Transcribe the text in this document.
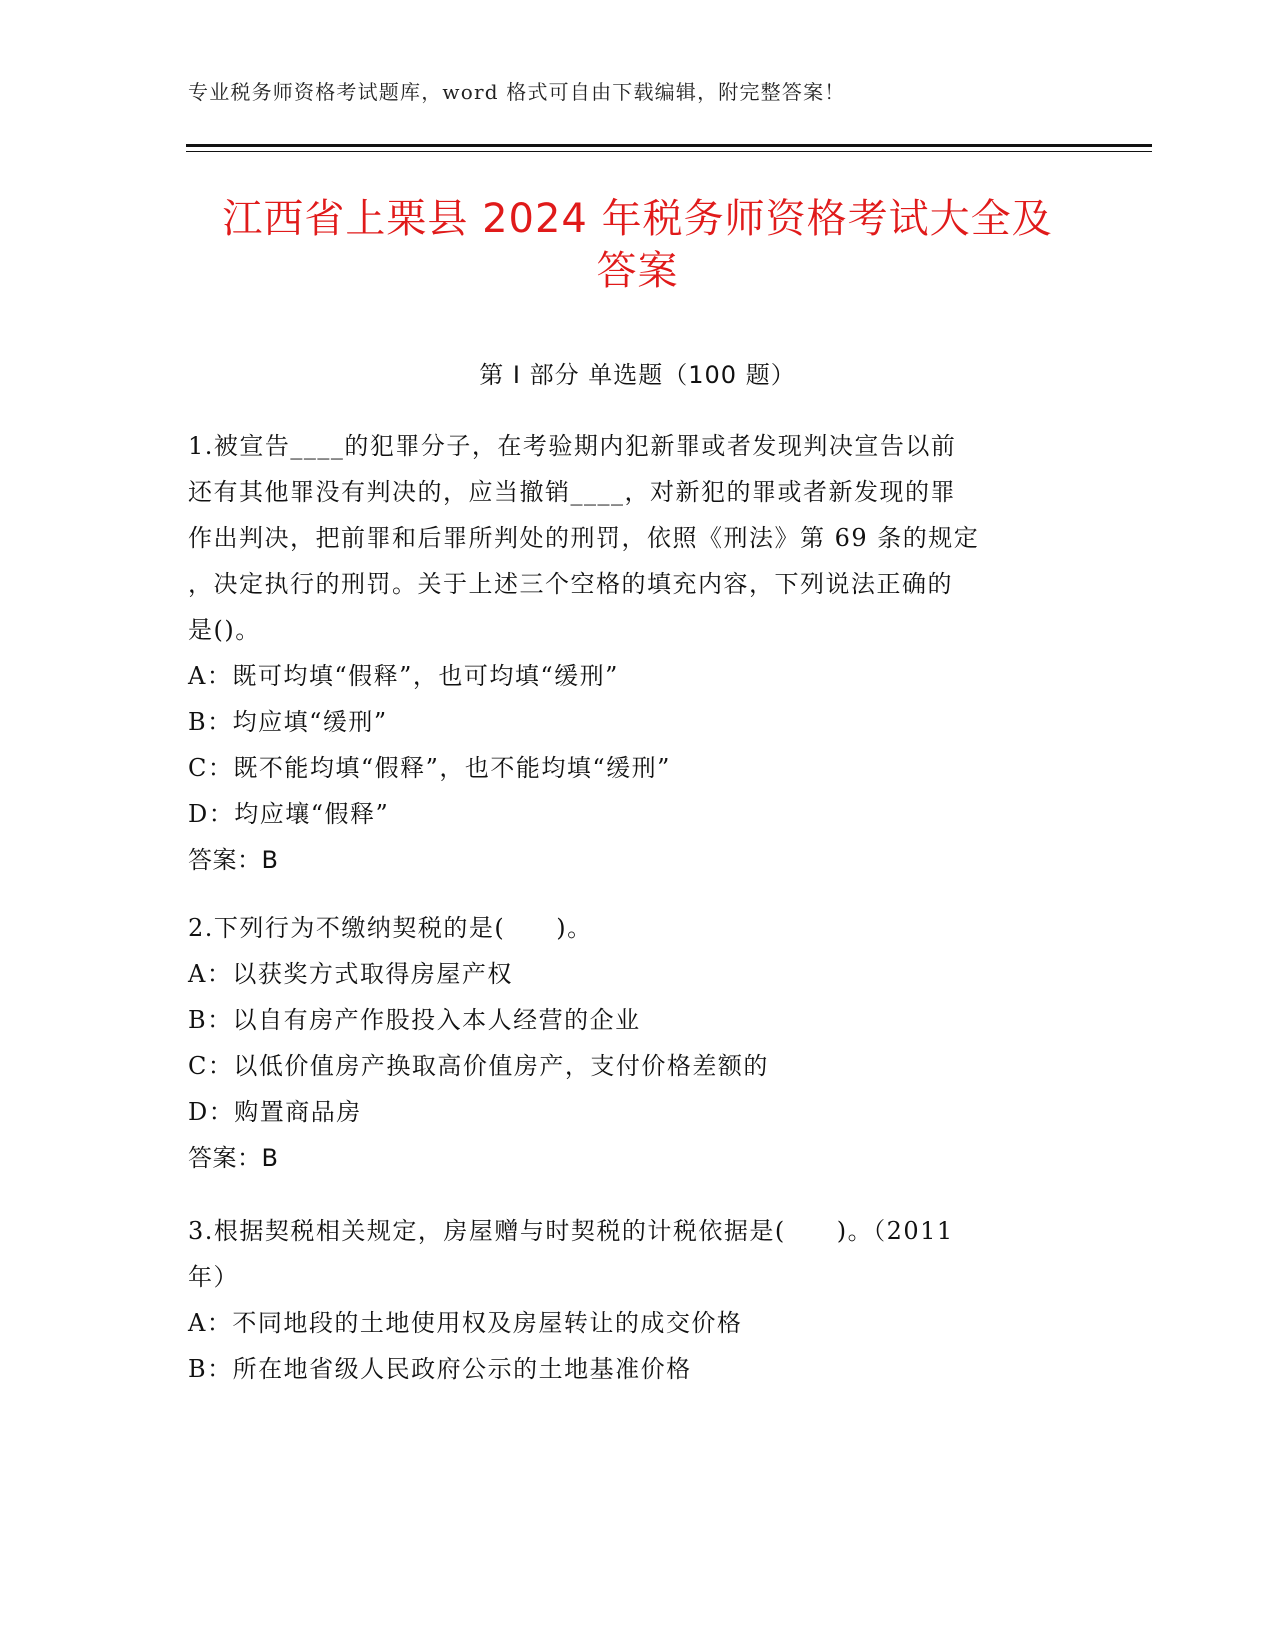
专业税务师资格考试题库，word 格式可自由下载编辑，附完整答案！
江西省上栗县 2024 年税务师资格考试大全及
答案
第 I 部分 单选题（100 题）

1.被宣告____的犯罪分子，在考验期内犯新罪或者发现判决宣告以前

还有其他罪没有判决的，应当撤销____，对新犯的罪或者新发现的罪

作出判决，把前罪和后罪所判处的刑罚，依照《刑法》第 69 条的规定

，决定执行的刑罚。关于上述三个空格的填充内容，下列说法正确的

是()。

A：既可均填“假释”，也可均填“缓刑”

B：均应填“缓刑”

C：既不能均填“假释”，也不能均填“缓刑”

D：均应壤“假释”

答案：B

2.下列行为不缴纳契税的是(　　)。

A：以获奖方式取得房屋产权

B：以自有房产作股投入本人经营的企业

C：以低价值房产换取高价值房产，支付价格差额的

D：购置商品房

答案：B

3.根据契税相关规定，房屋赠与时契税的计税依据是(　　)。（2011

年）

A：不同地段的土地使用权及房屋转让的成交价格

B：所在地省级人民政府公示的土地基准价格
